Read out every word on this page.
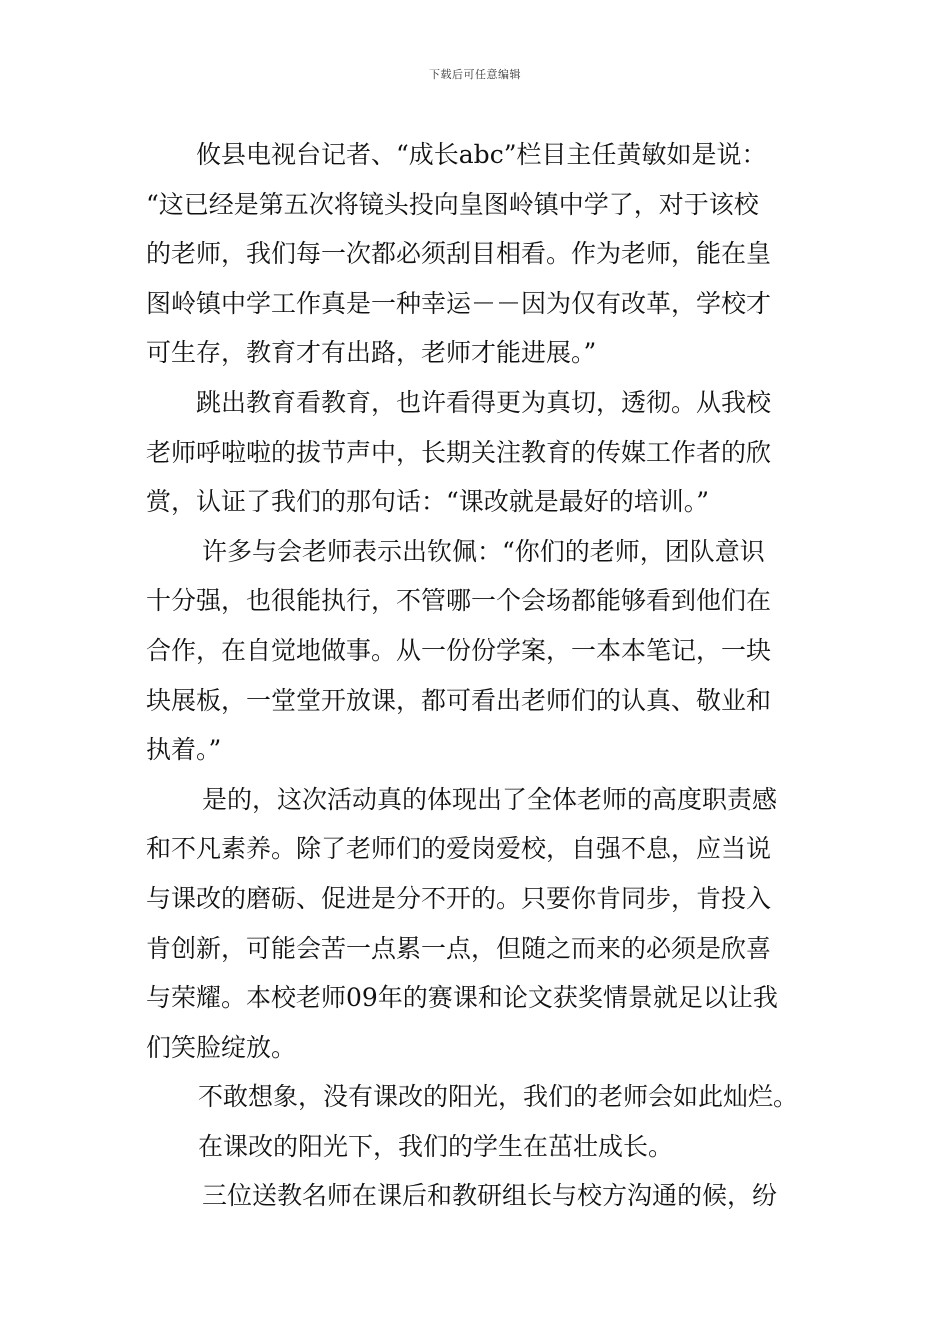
下载后可任意编辑
攸县电视台记者、“成长abc”栏目主任黄敏如是说：
“这已经是第五次将镜头投向皇图岭镇中学了，对于该校
的老师，我们每一次都必须刮目相看。作为老师，能在皇
图岭镇中学工作真是一种幸运－－因为仅有改革，学校才
可生存，教育才有出路，老师才能进展。”
跳出教育看教育，也许看得更为真切，透彻。从我校
老师呼啦啦的拔节声中，长期关注教育的传媒工作者的欣
赏，认证了我们的那句话：“课改就是最好的培训。”
许多与会老师表示出钦佩：“你们的老师，团队意识
十分强，也很能执行，不管哪一个会场都能够看到他们在
合作，在自觉地做事。从一份份学案，一本本笔记，一块
块展板，一堂堂开放课，都可看出老师们的认真、敬业和
执着。”
是的，这次活动真的体现出了全体老师的高度职责感
和不凡素养。除了老师们的爱岗爱校，自强不息，应当说
与课改的磨砺、促进是分不开的。只要你肯同步，肯投入
肯创新，可能会苦一点累一点，但随之而来的必须是欣喜
与荣耀。本校老师09年的赛课和论文获奖情景就足以让我
们笑脸绽放。
不敢想象，没有课改的阳光，我们的老师会如此灿烂。
在课改的阳光下，我们的学生在茁壮成长。
三位送教名师在课后和教研组长与校方沟通的候，纷
